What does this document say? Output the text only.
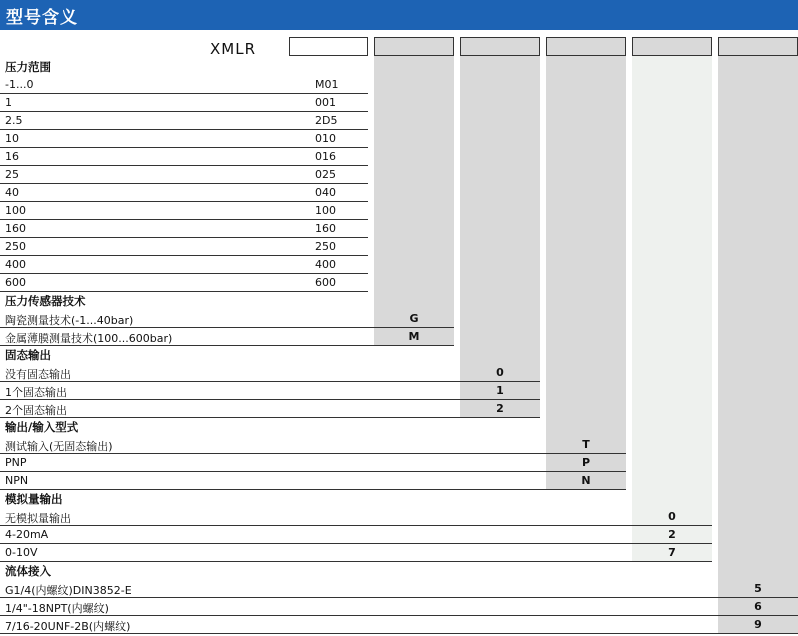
型号含义
XMLR
压力范围
-1...0	M01
1	001
2.5	2D5
10	010
16	016
25	025
40	040
100	100
160	160
250	250
400	400
600	600
压力传感器技术
陶瓷测量技术(-1...40bar)	G
金属薄膜测量技术(100...600bar)	M
固态输出
没有固态输出	0
1个固态输出	1
2个固态输出	2
输出/输入型式
测试输入(无固态输出)	T
PNP	P
NPN	N
模拟量输出
无模拟量输出	0
4-20mA	2
0-10V	7
流体接入
G1/4(内螺纹)DIN3852-E	5
1/4"-18NPT(内螺纹)	6
7/16-20UNF-2B(内螺纹)	9
